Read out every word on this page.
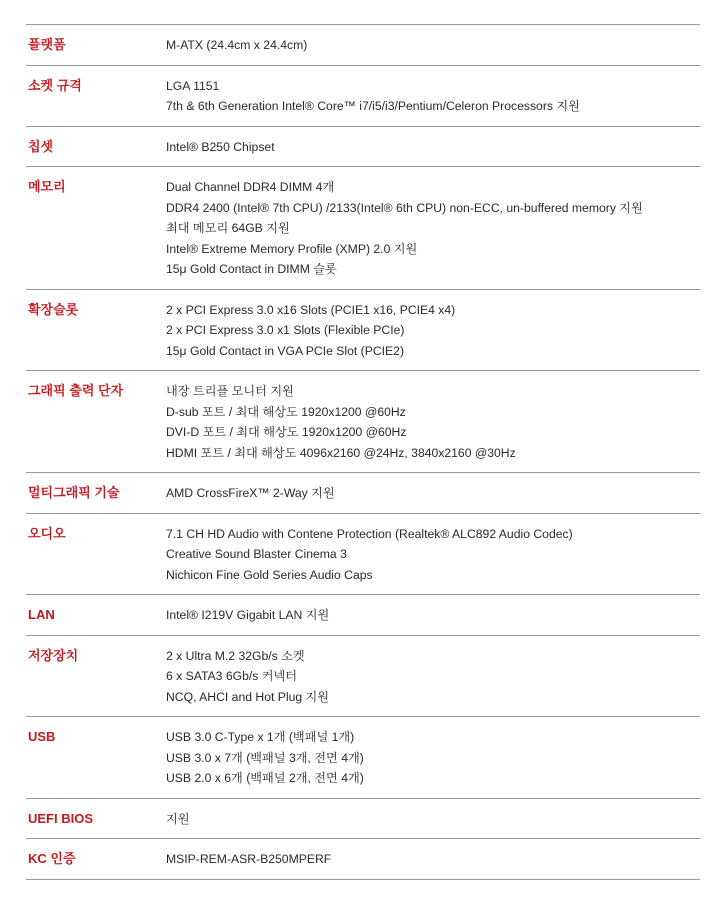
플랫폼	M-ATX (24.4cm x 24.4cm)
소켓 규격	LGA 1151
7th & 6th Generation Intel® Core™ i7/i5/i3/Pentium/Celeron Processors 지원
칩셋	Intel® B250 Chipset
메모리	Dual Channel DDR4 DIMM 4개
DDR4 2400 (Intel® 7th CPU) /2133(Intel® 6th CPU) non-ECC, un-buffered memory 지원
최대 메모리 64GB 지원
Intel® Extreme Memory Profile (XMP) 2.0 지원
15μ Gold Contact in DIMM 슬롯
확장슬롯	2 x PCI Express 3.0 x16 Slots (PCIE1 x16, PCIE4 x4)
2 x PCI Express 3.0 x1 Slots (Flexible PCIe)
15μ Gold Contact in VGA PCIe Slot (PCIE2)
그래픽 출력 단자	내장 트리플 모니터 지원
D-sub 포트 / 최대 해상도 1920x1200 @60Hz
DVI-D 포트 / 최대 해상도 1920x1200 @60Hz
HDMI 포트 / 최대 해상도 4096x2160 @24Hz, 3840x2160 @30Hz
멀티그래픽 기술	AMD CrossFireX™ 2-Way 지원
오디오	7.1 CH HD Audio with Contene Protection (Realtek® ALC892 Audio Codec)
Creative Sound Blaster Cinema 3
Nichicon Fine Gold Series Audio Caps
LAN	Intel® I219V Gigabit LAN 지원
저장장치	2 x Ultra M.2 32Gb/s 소켓
6 x SATA3 6Gb/s 커넥터
NCQ, AHCI and Hot Plug 지원
USB	USB 3.0 C-Type x 1개 (백패널 1개)
USB 3.0 x 7개 (백패널 3개, 전면 4개)
USB 2.0 x 6개 (백패널 2개, 전면 4개)
UEFI BIOS	지원
KC 인증	MSIP-REM-ASR-B250MPERF
